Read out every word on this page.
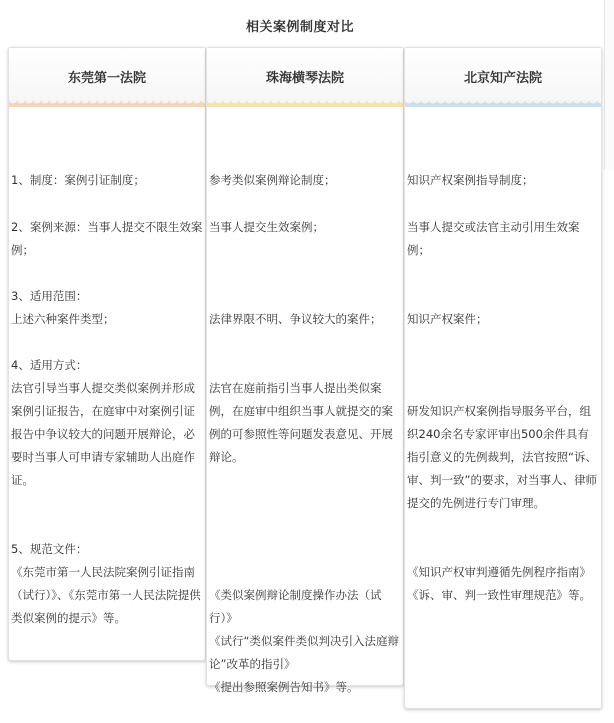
相关案例制度对比
东莞第一法院

1、制度：案例引证制度；

2、案例来源：当事人提交不限生效案例；

3、适用范围：
上述六种案件类型；

4、适用方式：
法官引导当事人提交类似案例并形成案例引证报告，在庭审中对案例引证报告中争议较大的问题开展辩论，必要时当事人可申请专家辅助人出庭作证。

5、规范文件：
《东莞市第一人民法院案例引证指南（试行）》、《东莞市第一人民法院提供类似案例的提示》等。

珠海横琴法院

参考类似案例辩论制度；

当事人提交生效案例；

法律界限不明、争议较大的案件；

法官在庭前指引当事人提出类似案例，在庭审中组织当事人就提交的案例的可参照性等问题发表意见、开展辩论。

《类似案例辩论制度操作办法（试行）》
《试行“类似案件类似判决引入法庭辩论”改革的指引》
《提出参照案例告知书》等。

北京知产法院

知识产权案例指导制度；

当事人提交或法官主动引用生效案例；

知识产权案件；

研发知识产权案例指导服务平台，组织240余名专家评审出500余件具有指引意义的先例裁判，法官按照“诉、审、判一致”的要求，对当事人、律师提交的先例进行专门审理。

《知识产权审判遵循先例程序指南》《诉、审、判一致性审理规范》等。
